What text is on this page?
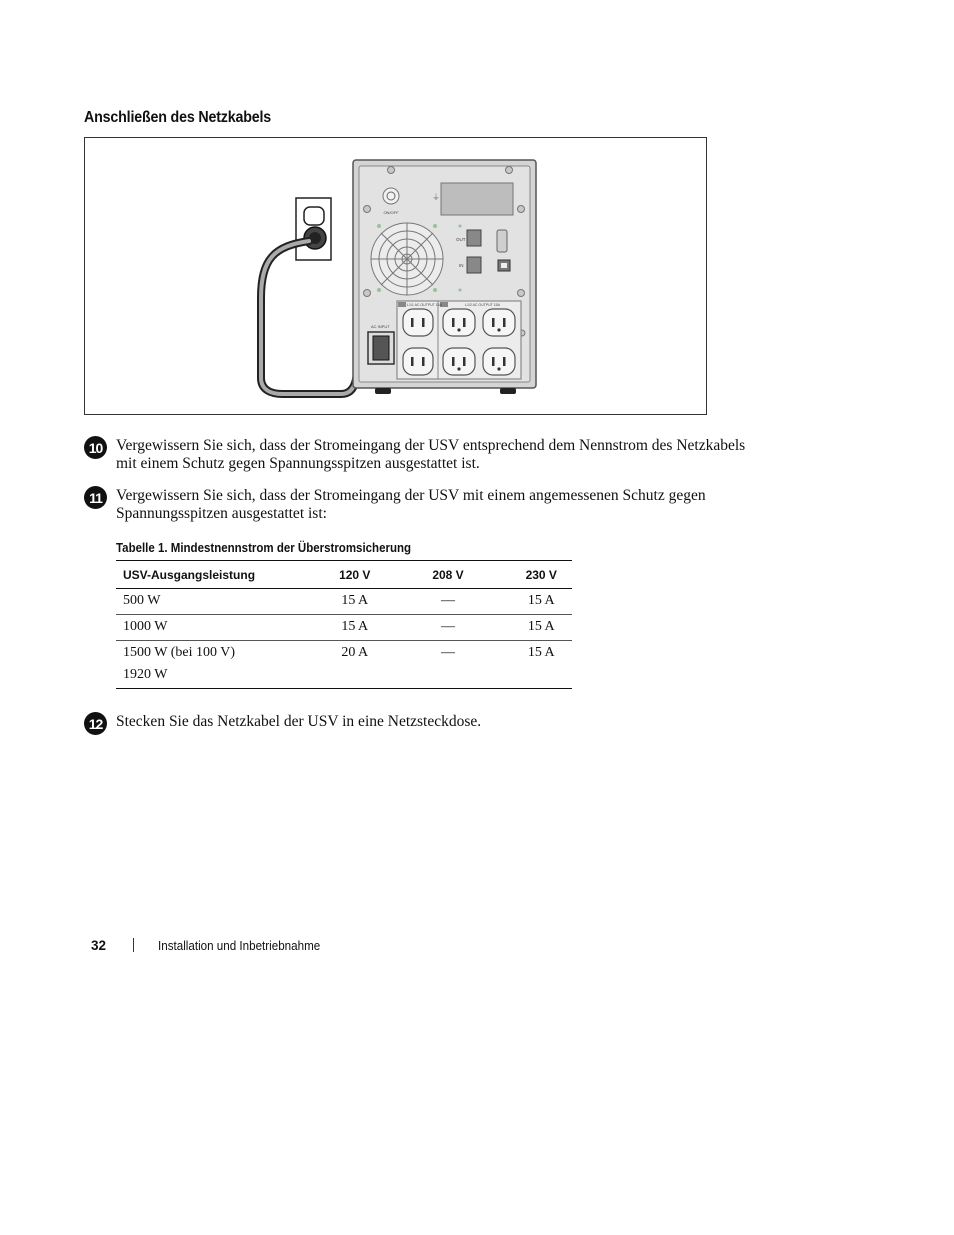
Anschließen des Netzkabels
ON/OFF
⏚
OUT
IN
L1/1 AC OUTPUT 15A	L1/2 AC OUTPUT 15A
AC INPUT
10 Vergewissern Sie sich, dass der Stromeingang der USV entsprechend dem Nennstrom des Netzkabels mit einem Schutz gegen Spannungsspitzen ausgestattet ist.
11 Vergewissern Sie sich, dass der Stromeingang der USV mit einem angemessenen Schutz gegen Spannungsspitzen ausgestattet ist:
Tabelle 1. Mindestnennstrom der Überstromsicherung
USV-Ausgangsleistung	120 V	208 V	230 V
500 W	15 A	—	15 A
1000 W	15 A	—	15 A
1500 W (bei 100 V)	20 A	—	15 A
1920 W			
12 Stecken Sie das Netzkabel der USV in eine Netzsteckdose.
32	Installation und Inbetriebnahme
